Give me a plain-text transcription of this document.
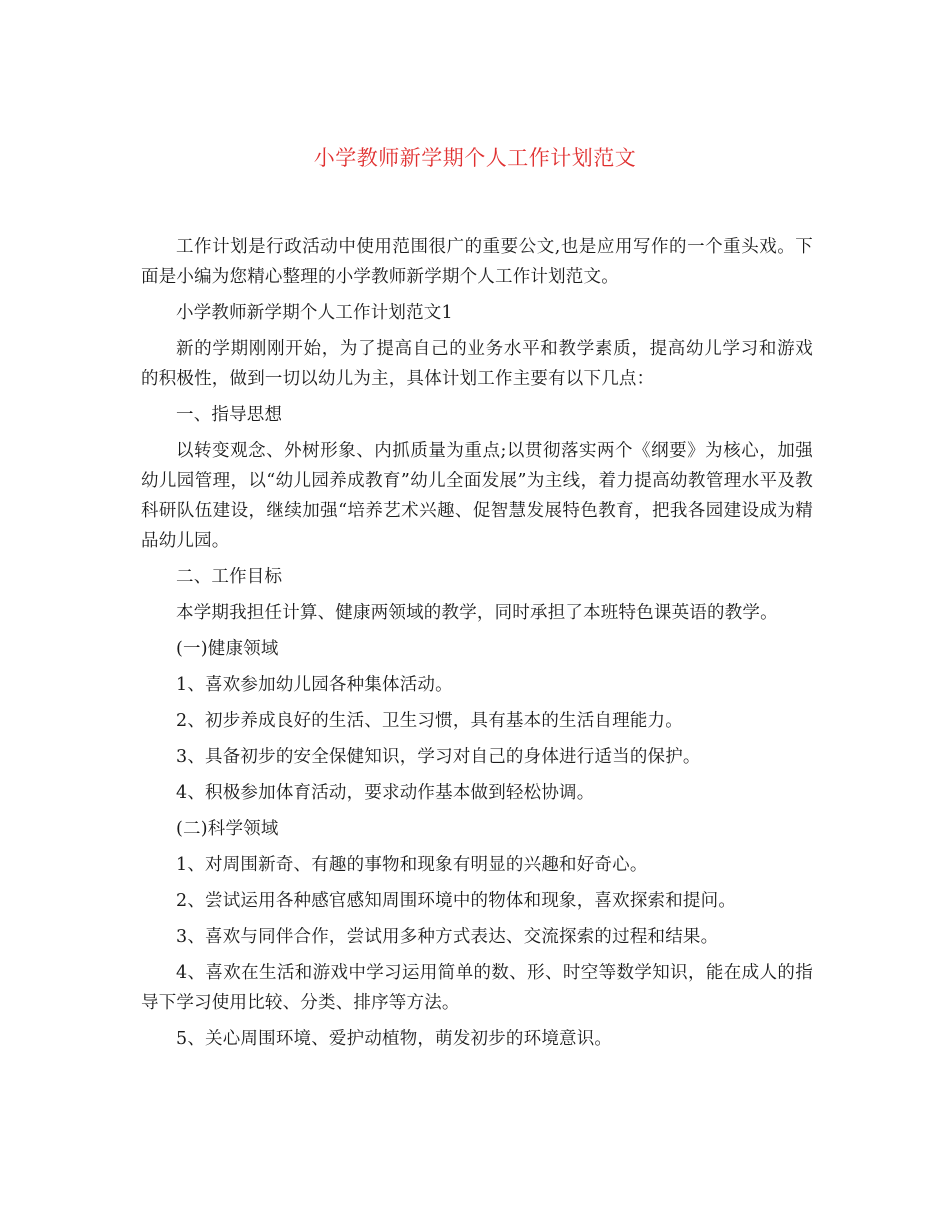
小学教师新学期个人工作计划范文

工作计划是行政活动中使用范围很广的重要公文,也是应用写作的一个重头戏。下面是小编为您精心整理的小学教师新学期个人工作计划范文。

小学教师新学期个人工作计划范文1

新的学期刚刚开始，为了提高自己的业务水平和教学素质，提高幼儿学习和游戏的积极性，做到一切以幼儿为主，具体计划工作主要有以下几点：

一、指导思想

以转变观念、外树形象、内抓质量为重点;以贯彻落实两个《纲要》为核心，加强幼儿园管理，以“幼儿园养成教育”幼儿全面发展”为主线，着力提高幼教管理水平及教科研队伍建设，继续加强“培养艺术兴趣、促智慧发展特色教育，把我各园建设成为精品幼儿园。

二、工作目标

本学期我担任计算、健康两领域的教学，同时承担了本班特色课英语的教学。

(一)健康领域

1、喜欢参加幼儿园各种集体活动。

2、初步养成良好的生活、卫生习惯，具有基本的生活自理能力。

3、具备初步的安全保健知识，学习对自己的身体进行适当的保护。

4、积极参加体育活动，要求动作基本做到轻松协调。

(二)科学领域

1、对周围新奇、有趣的事物和现象有明显的兴趣和好奇心。

2、尝试运用各种感官感知周围环境中的物体和现象，喜欢探索和提问。

3、喜欢与同伴合作，尝试用多种方式表达、交流探索的过程和结果。

4、喜欢在生活和游戏中学习运用简单的数、形、时空等数学知识，能在成人的指导下学习使用比较、分类、排序等方法。

5、关心周围环境、爱护动植物，萌发初步的环境意识。
